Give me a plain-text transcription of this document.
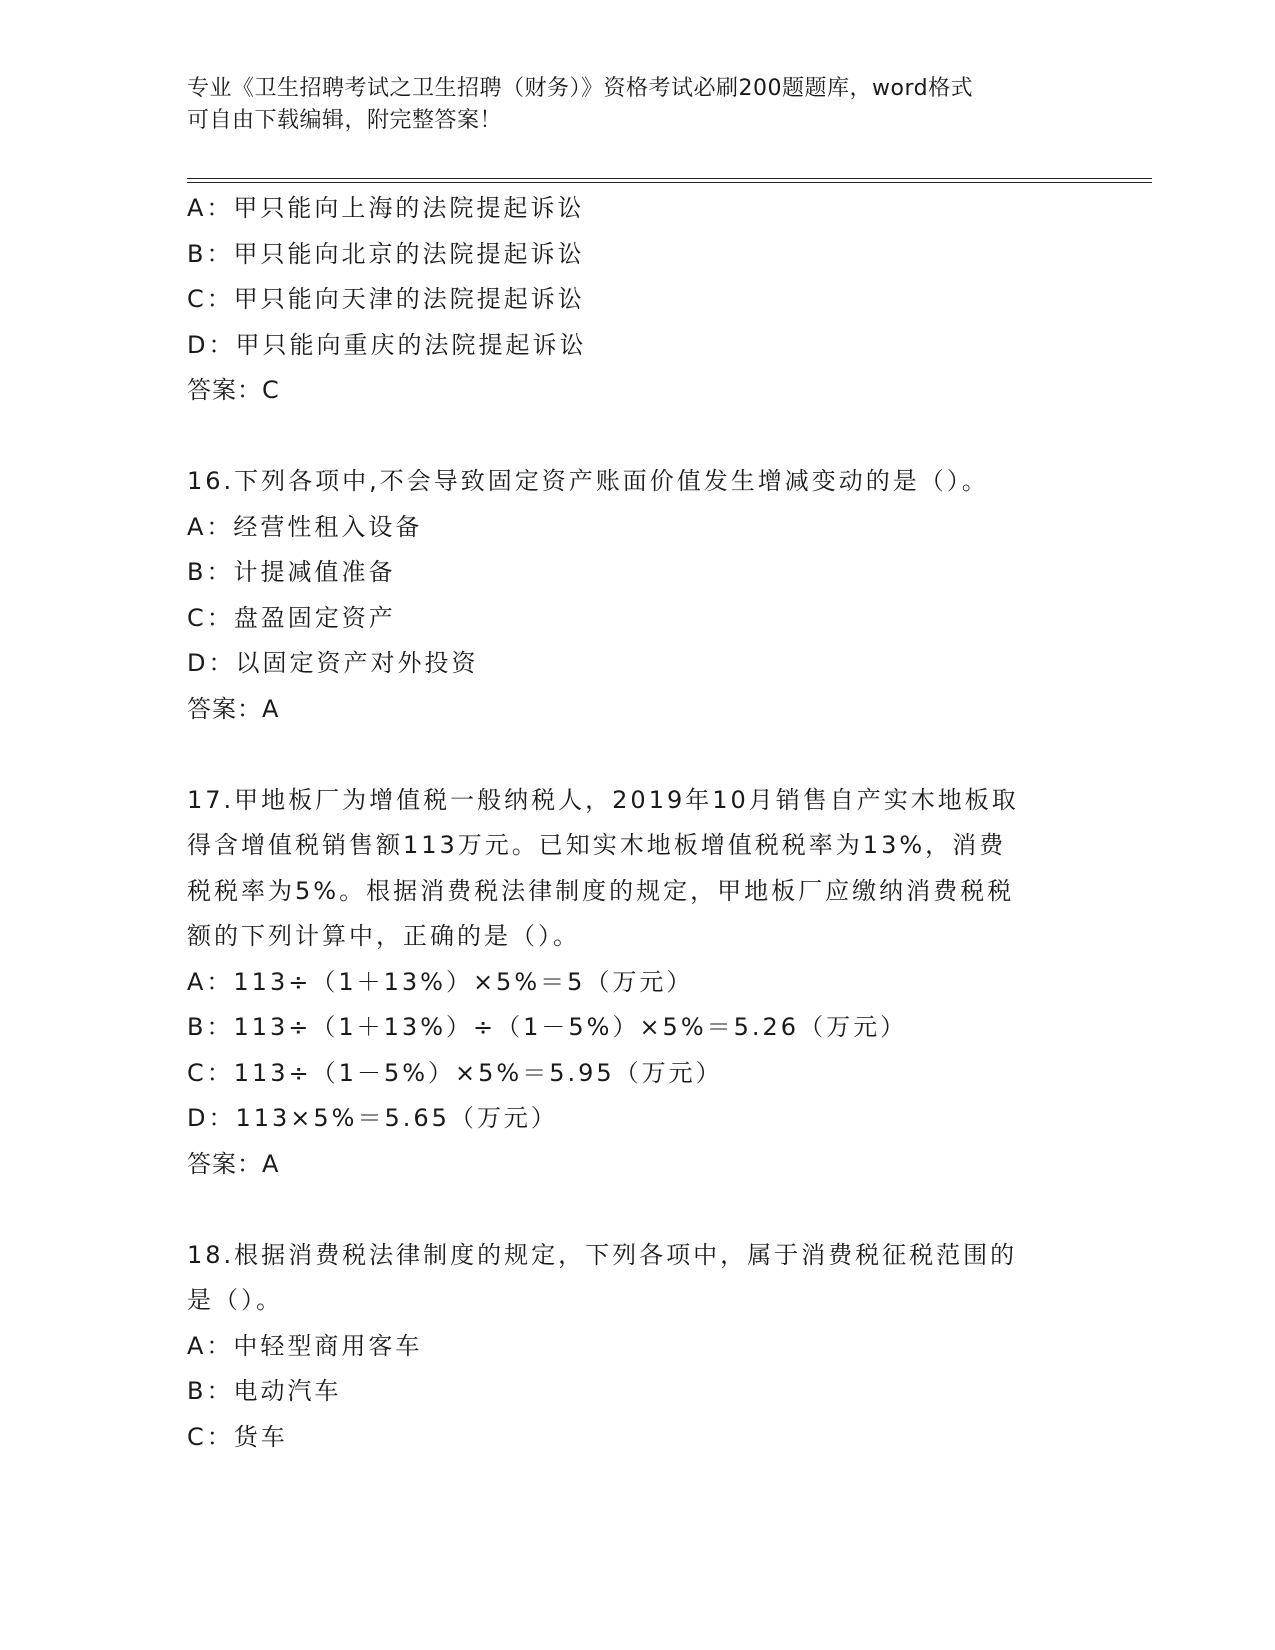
专业《卫生招聘考试之卫生招聘（财务）》资格考试必刷200题题库，word格式
可自由下载编辑，附完整答案！
A：甲只能向上海的法院提起诉讼
B：甲只能向北京的法院提起诉讼
C：甲只能向天津的法院提起诉讼
D：甲只能向重庆的法院提起诉讼
答案：C
16.下列各项中,不会导致固定资产账面价值发生增减变动的是（）。
A：经营性租入设备
B：计提减值准备
C：盘盈固定资产
D：以固定资产对外投资
答案：A
17.甲地板厂为增值税一般纳税人，2019年10月销售自产实木地板取
得含增值税销售额113万元。已知实木地板增值税税率为13%，消费
税税率为5%。根据消费税法律制度的规定，甲地板厂应缴纳消费税税
额的下列计算中，正确的是（）。
A：113÷（1＋13%）×5%＝5（万元）
B：113÷（1＋13%）÷（1－5%）×5%＝5.26（万元）
C：113÷（1－5%）×5%＝5.95（万元）
D：113×5%＝5.65（万元）
答案：A
18.根据消费税法律制度的规定，下列各项中，属于消费税征税范围的
是（）。
A：中轻型商用客车
B：电动汽车
C：货车
